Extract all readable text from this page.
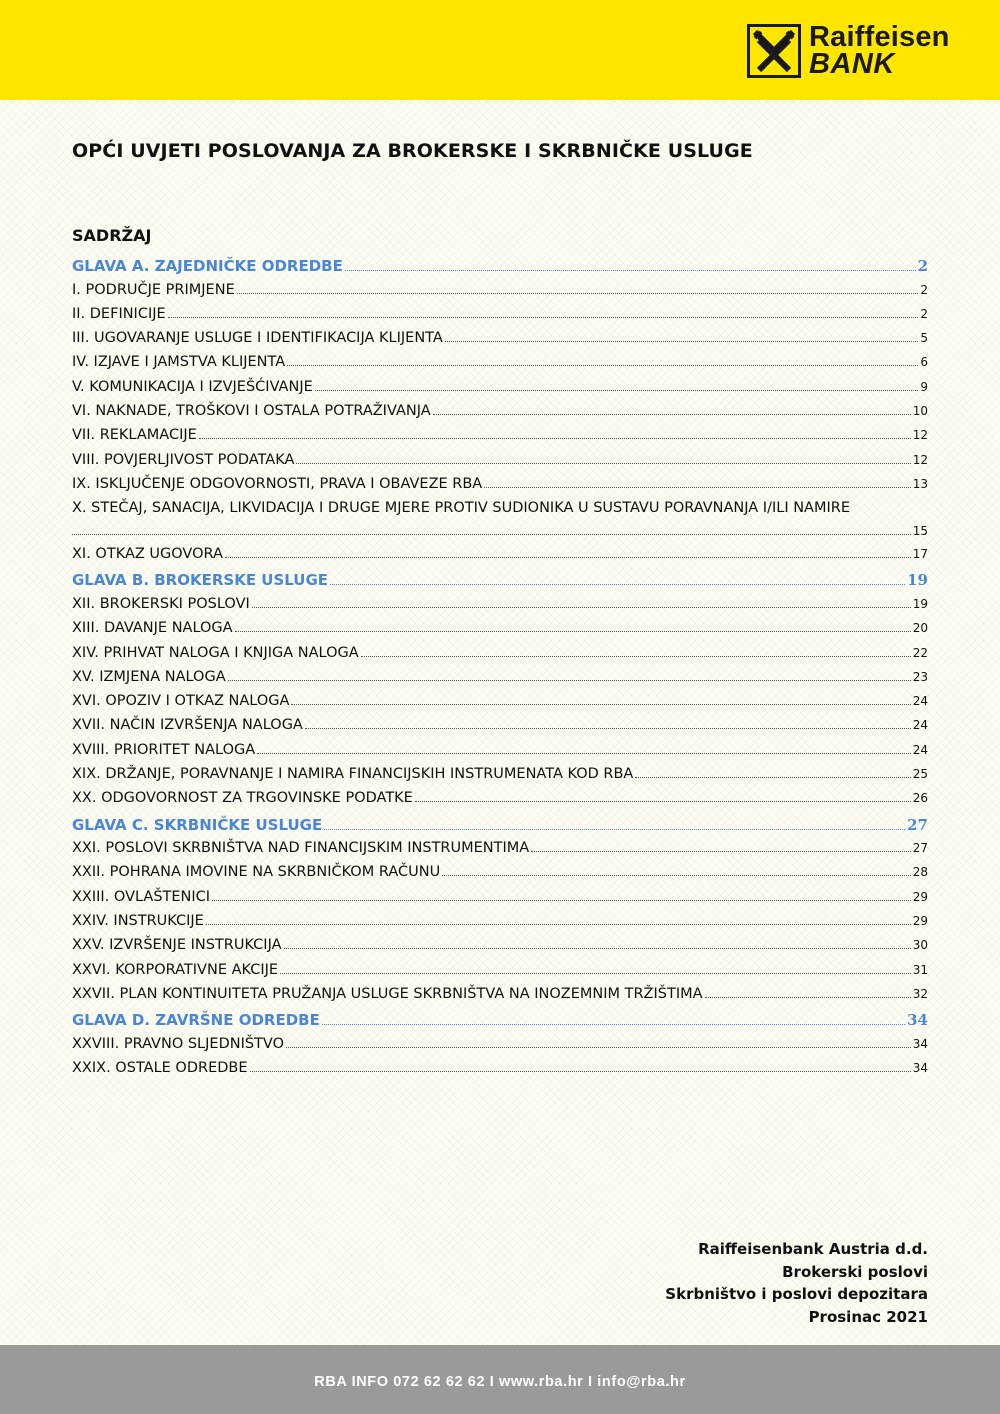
Raiffeisen
BANK
OPĆI UVJETI POSLOVANJA ZA BROKERSKE I SKRBNIČKE USLUGE
SADRŽAJ
GLAVA A. ZAJEDNIČKE ODREDBE	2
I. PODRUČJE PRIMJENE	2
II. DEFINICIJE	2
III. UGOVARANJE USLUGE I IDENTIFIKACIJA KLIJENTA	5
IV. IZJAVE I JAMSTVA KLIJENTA	6
V. KOMUNIKACIJA I IZVJEŠĆIVANJE	9
VI. NAKNADE, TROŠKOVI I OSTALA POTRAŽIVANJA	10
VII. REKLAMACIJE	12
VIII. POVJERLJIVOST PODATAKA	12
IX. ISKLJUČENJE ODGOVORNOSTI, PRAVA I OBAVEZE RBA	13
X. STEČAJ, SANACIJA, LIKVIDACIJA I DRUGE MJERE PROTIV SUDIONIKA U SUSTAVU PORAVNANJA I/ILI NAMIRE
15
XI. OTKAZ UGOVORA	17
GLAVA B. BROKERSKE USLUGE	19
XII. BROKERSKI POSLOVI	19
XIII. DAVANJE NALOGA	20
XIV. PRIHVAT NALOGA I KNJIGA NALOGA	22
XV. IZMJENA NALOGA	23
XVI. OPOZIV I OTKAZ NALOGA	24
XVII. NAČIN IZVRŠENJA NALOGA	24
XVIII. PRIORITET NALOGA	24
XIX. DRŽANJE, PORAVNANJE I NAMIRA FINANCIJSKIH INSTRUMENATA KOD RBA	25
XX. ODGOVORNOST ZA TRGOVINSKE PODATKE	26
GLAVA C. SKRBNIČKE USLUGE	27
XXI. POSLOVI SKRBNIŠTVA NAD FINANCIJSKIM INSTRUMENTIMA	27
XXII. POHRANA IMOVINE NA SKRBNIČKOM RAČUNU	28
XXIII. OVLAŠTENICI	29
XXIV. INSTRUKCIJE	29
XXV. IZVRŠENJE INSTRUKCIJA	30
XXVI. KORPORATIVNE AKCIJE	31
XXVII. PLAN KONTINUITETA PRUŽANJA USLUGE SKRBNIŠTVA NA INOZEMNIM TRŽIŠTIMA	32
GLAVA D. ZAVRŠNE ODREDBE	34
XXVIII. PRAVNO SLJEDNIŠTVO	34
XXIX. OSTALE ODREDBE	34
Raiffeisenbank Austria d.d.
Brokerski poslovi
Skrbništvo i poslovi depozitara
Prosinac 2021
RBA INFO 072 62 62 62 I www.rba.hr I info@rba.hr
